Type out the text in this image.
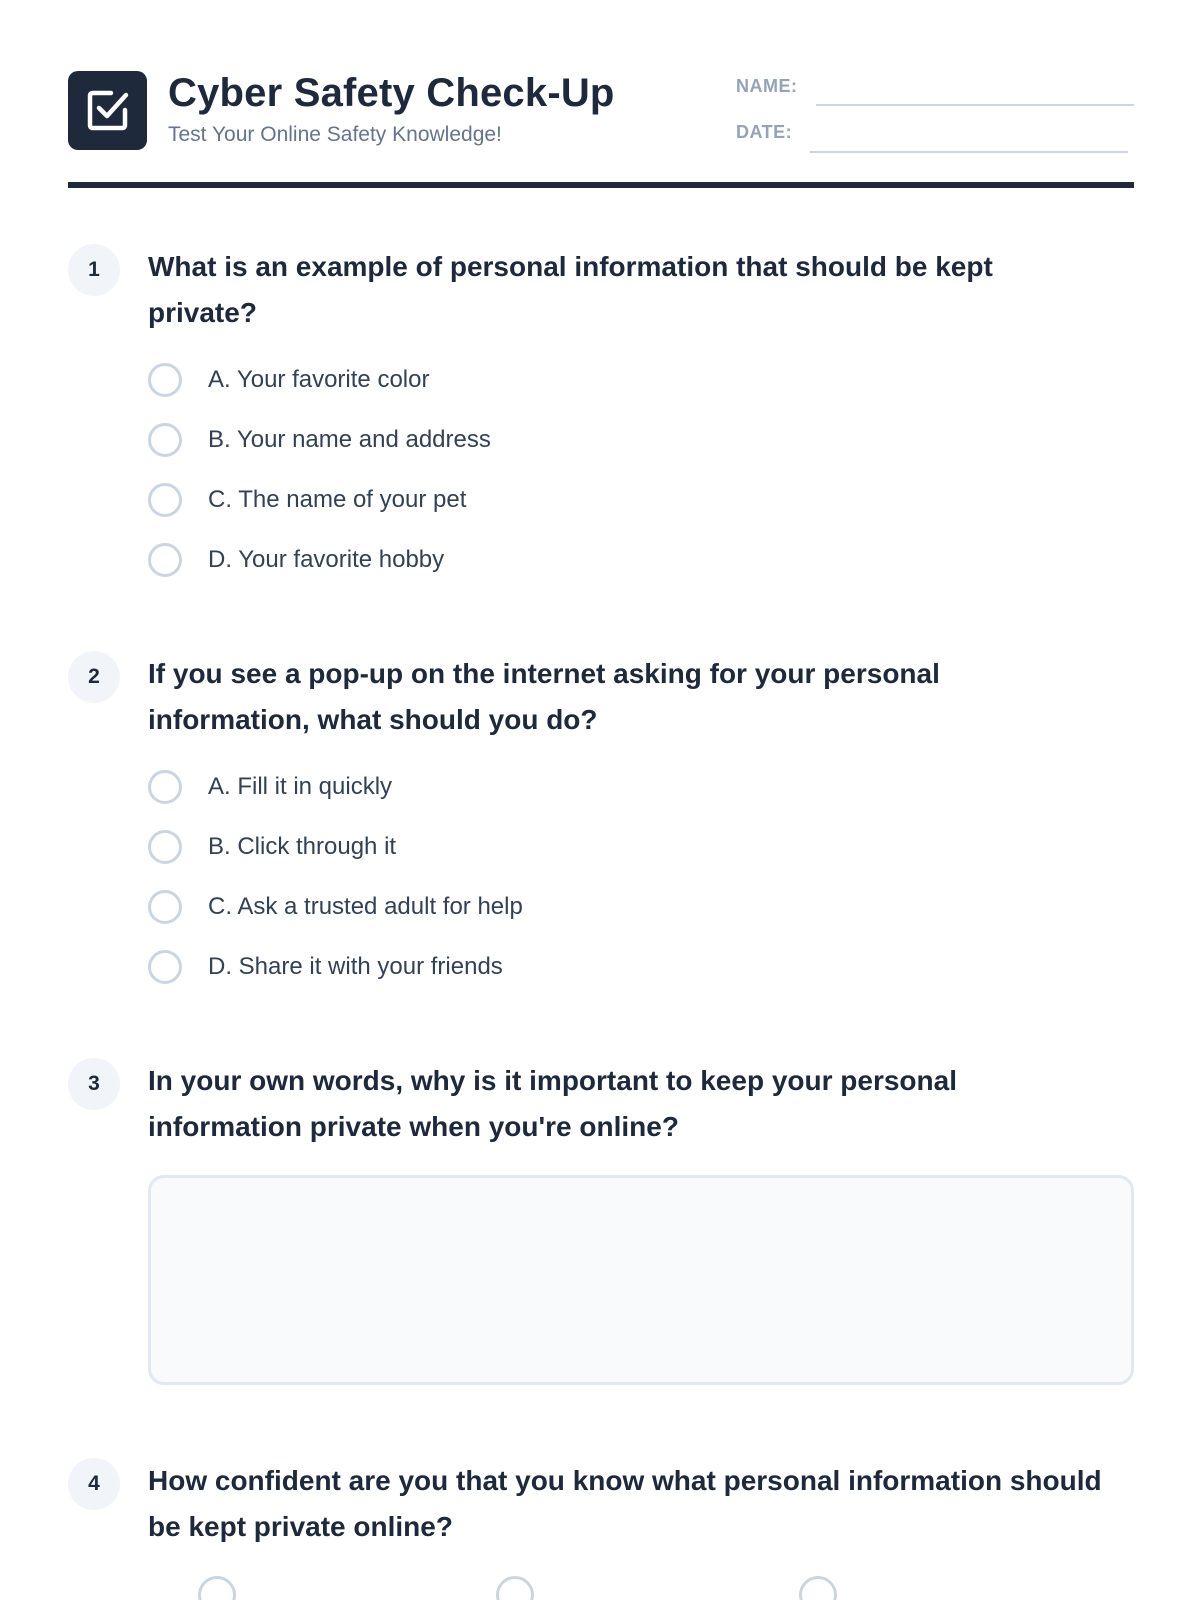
Cyber Safety Check-Up
Test Your Online Safety Knowledge!
NAME:
DATE:
1	What is an example of personal information that should be kept private?
A. Your favorite color
B. Your name and address
C. The name of your pet
D. Your favorite hobby
2	If you see a pop-up on the internet asking for your personal information, what should you do?
A. Fill it in quickly
B. Click through it
C. Ask a trusted adult for help
D. Share it with your friends
3	In your own words, why is it important to keep your personal information private when you're online?
4	How confident are you that you know what personal information should be kept private online?
